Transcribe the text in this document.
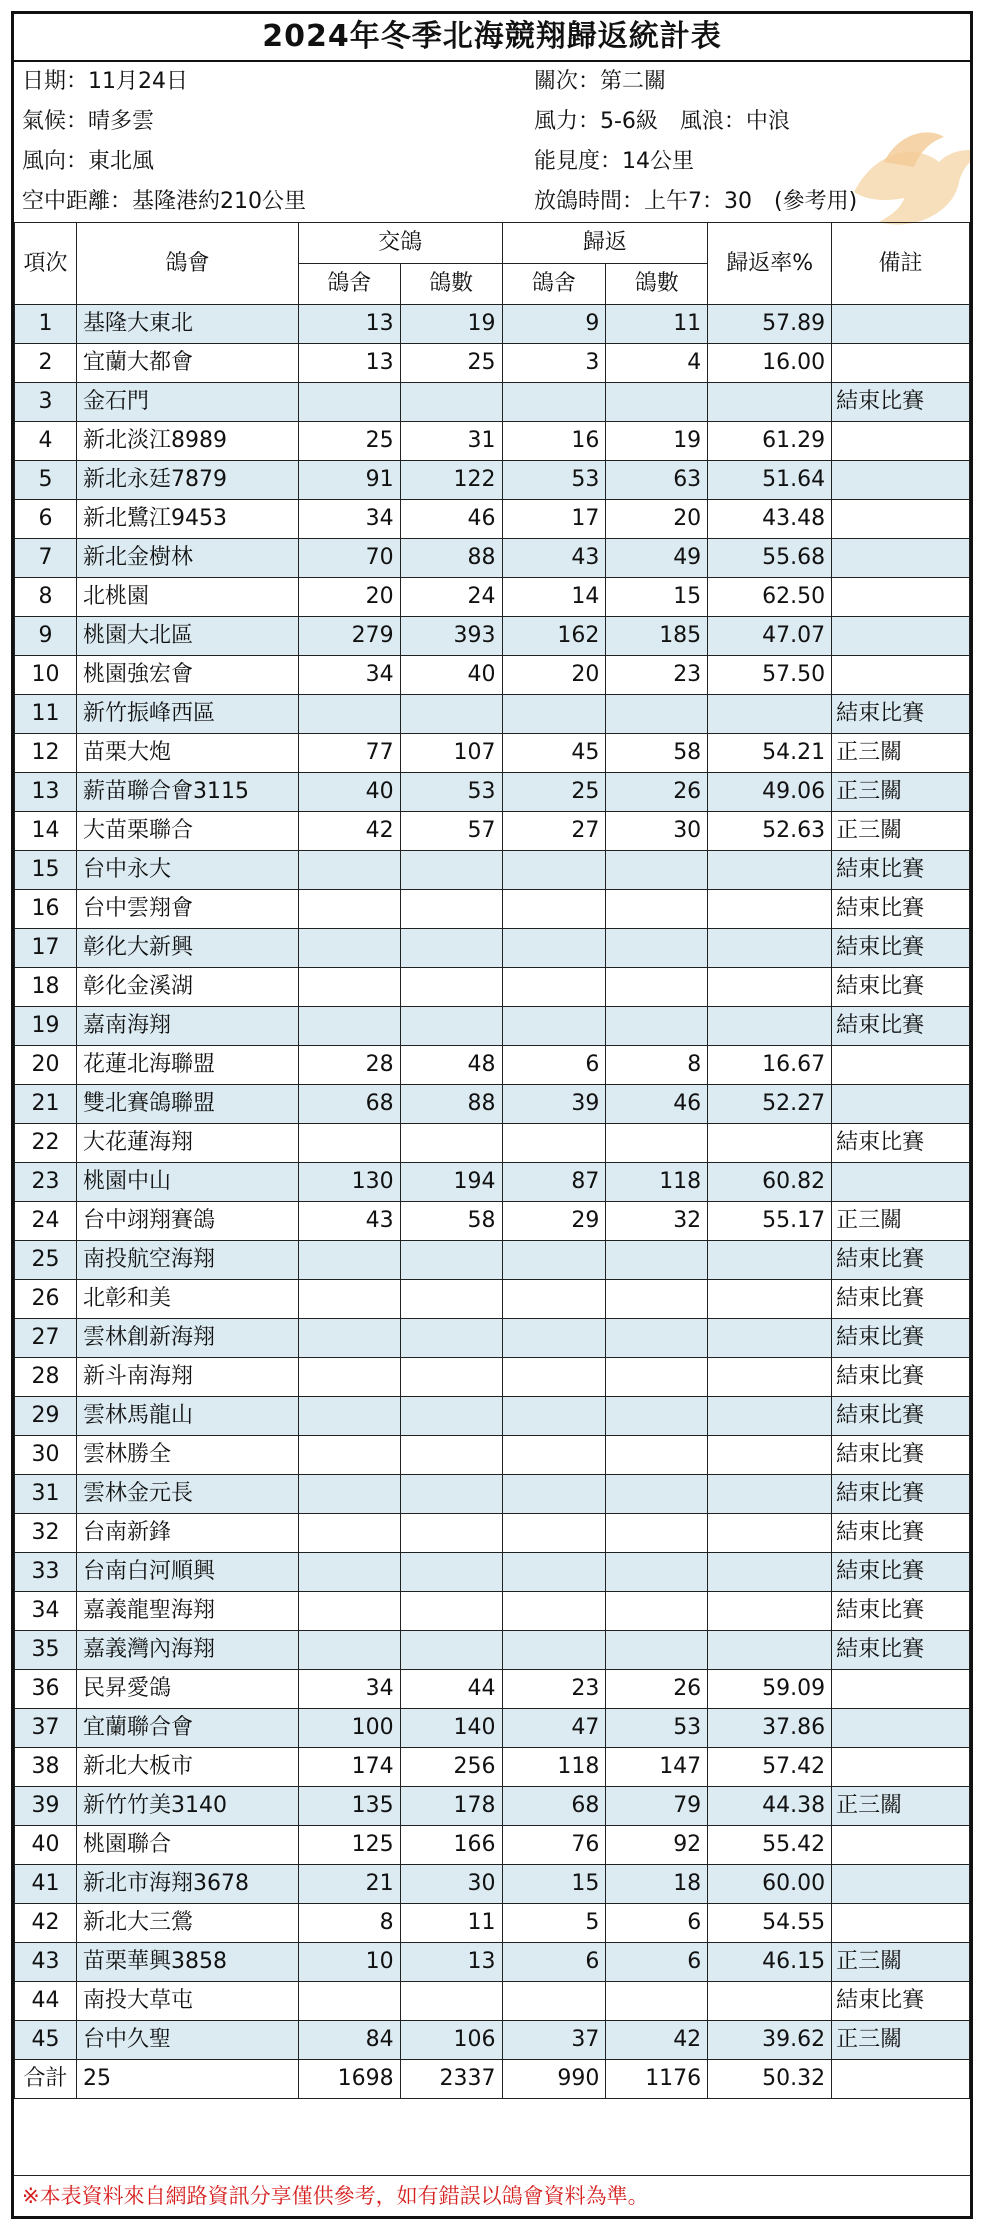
2024年冬季北海競翔歸返統計表
日期：11月24日	關次：第二關
氣候：晴多雲	風力：5-6級　風浪：中浪
風向：東北風	能見度：14公里
空中距離：基隆港約210公里	放鴿時間：上午7：30　(參考用)
項次	鴿會	交鴿		歸返		歸返率%	備註
		鴿舍	鴿數	鴿舍	鴿數		
1	基隆大東北	13	19	9	11	57.89	
2	宜蘭大都會	13	25	3	4	16.00	
3	金石門						結束比賽
4	新北淡江8989	25	31	16	19	61.29	
5	新北永廷7879	91	122	53	63	51.64	
6	新北鷺江9453	34	46	17	20	43.48	
7	新北金樹林	70	88	43	49	55.68	
8	北桃園	20	24	14	15	62.50	
9	桃園大北區	279	393	162	185	47.07	
10	桃園強宏會	34	40	20	23	57.50	
11	新竹振峰西區						結束比賽
12	苗栗大炮	77	107	45	58	54.21	正三關
13	薪苗聯合會3115	40	53	25	26	49.06	正三關
14	大苗栗聯合	42	57	27	30	52.63	正三關
15	台中永大						結束比賽
16	台中雲翔會						結束比賽
17	彰化大新興						結束比賽
18	彰化金溪湖						結束比賽
19	嘉南海翔						結束比賽
20	花蓮北海聯盟	28	48	6	8	16.67	
21	雙北賽鴿聯盟	68	88	39	46	52.27	
22	大花蓮海翔						結束比賽
23	桃園中山	130	194	87	118	60.82	
24	台中翊翔賽鴿	43	58	29	32	55.17	正三關
25	南投航空海翔						結束比賽
26	北彰和美						結束比賽
27	雲林創新海翔						結束比賽
28	新斗南海翔						結束比賽
29	雲林馬龍山						結束比賽
30	雲林勝全						結束比賽
31	雲林金元長						結束比賽
32	台南新鋒						結束比賽
33	台南白河順興						結束比賽
34	嘉義龍聖海翔						結束比賽
35	嘉義灣內海翔						結束比賽
36	民昇愛鴿	34	44	23	26	59.09	
37	宜蘭聯合會	100	140	47	53	37.86	
38	新北大板市	174	256	118	147	57.42	
39	新竹竹美3140	135	178	68	79	44.38	正三關
40	桃園聯合	125	166	76	92	55.42	
41	新北市海翔3678	21	30	15	18	60.00	
42	新北大三鶯	8	11	5	6	54.55	
43	苗栗華興3858	10	13	6	6	46.15	正三關
44	南投大草屯						結束比賽
45	台中久聖	84	106	37	42	39.62	正三關
合計	25	1698	2337	990	1176	50.32	
※本表資料來自網路資訊分享僅供參考，如有錯誤以鴿會資料為準。
